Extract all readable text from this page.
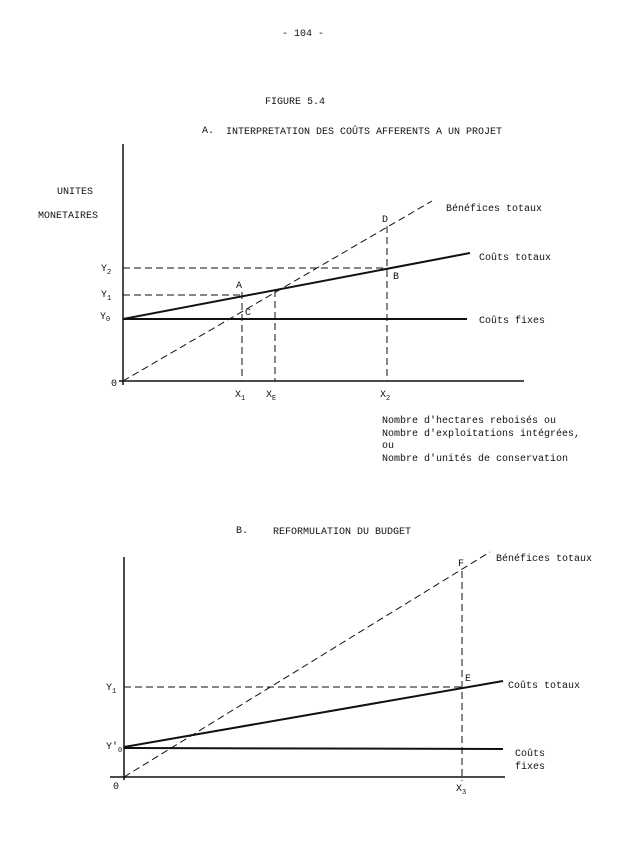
- 104 -
FIGURE 5.4
A. INTERPRETATION DES COÛTS AFFERENTS A UN PROJET
UNITES
MONETAIRES
0
$Y_2$
$Y_1$
$Y_0$
$X_1$ $X_E$	$X_2$
A
B
C
D
Bénéfices totaux
Coûts totaux
Coûts fixes
Nombre d'hectares reboisés ou
Nombre d'exploitations intégrées,
ou
Nombre d'unités de conservation
B. REFORMULATION DU BUDGET
0
$Y_1$
$Y'_0$
$X_3$
E
F	Bénéfices totaux
Coûts totaux
Coûts
fixes
